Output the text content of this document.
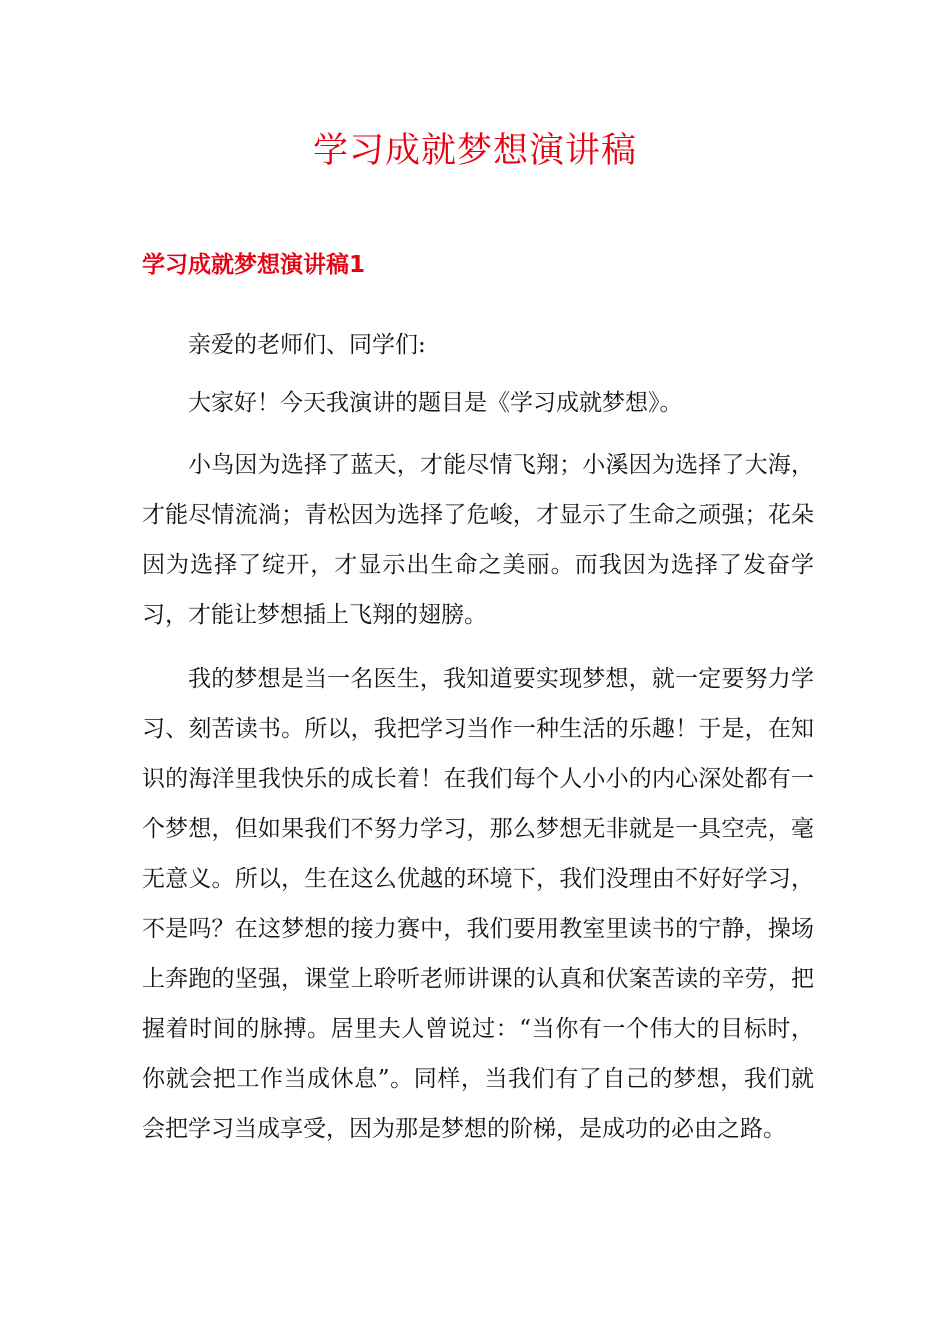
学习成就梦想演讲稿
学习成就梦想演讲稿1

亲爱的老师们、同学们:

大家好！今天我演讲的题目是《学习成就梦想》。

小鸟因为选择了蓝天，才能尽情飞翔；小溪因为选择了大海，才能尽情流淌；青松因为选择了危峻，才显示了生命之顽强；花朵因为选择了绽开，才显示出生命之美丽。而我因为选择了发奋学习，才能让梦想插上飞翔的翅膀。

我的梦想是当一名医生，我知道要实现梦想，就一定要努力学习、刻苦读书。所以，我把学习当作一种生活的乐趣！于是，在知识的海洋里我快乐的成长着！在我们每个人小小的内心深处都有一个梦想，但如果我们不努力学习，那么梦想无非就是一具空壳，毫无意义。所以，生在这么优越的环境下，我们没理由不好好学习，不是吗？在这梦想的接力赛中，我们要用教室里读书的宁静，操场上奔跑的坚强，课堂上聆听老师讲课的认真和伏案苦读的辛劳，把握着时间的脉搏。居里夫人曾说过：“当你有一个伟大的目标时，你就会把工作当成休息”。同样，当我们有了自己的梦想，我们就会把学习当成享受，因为那是梦想的阶梯，是成功的必由之路。
